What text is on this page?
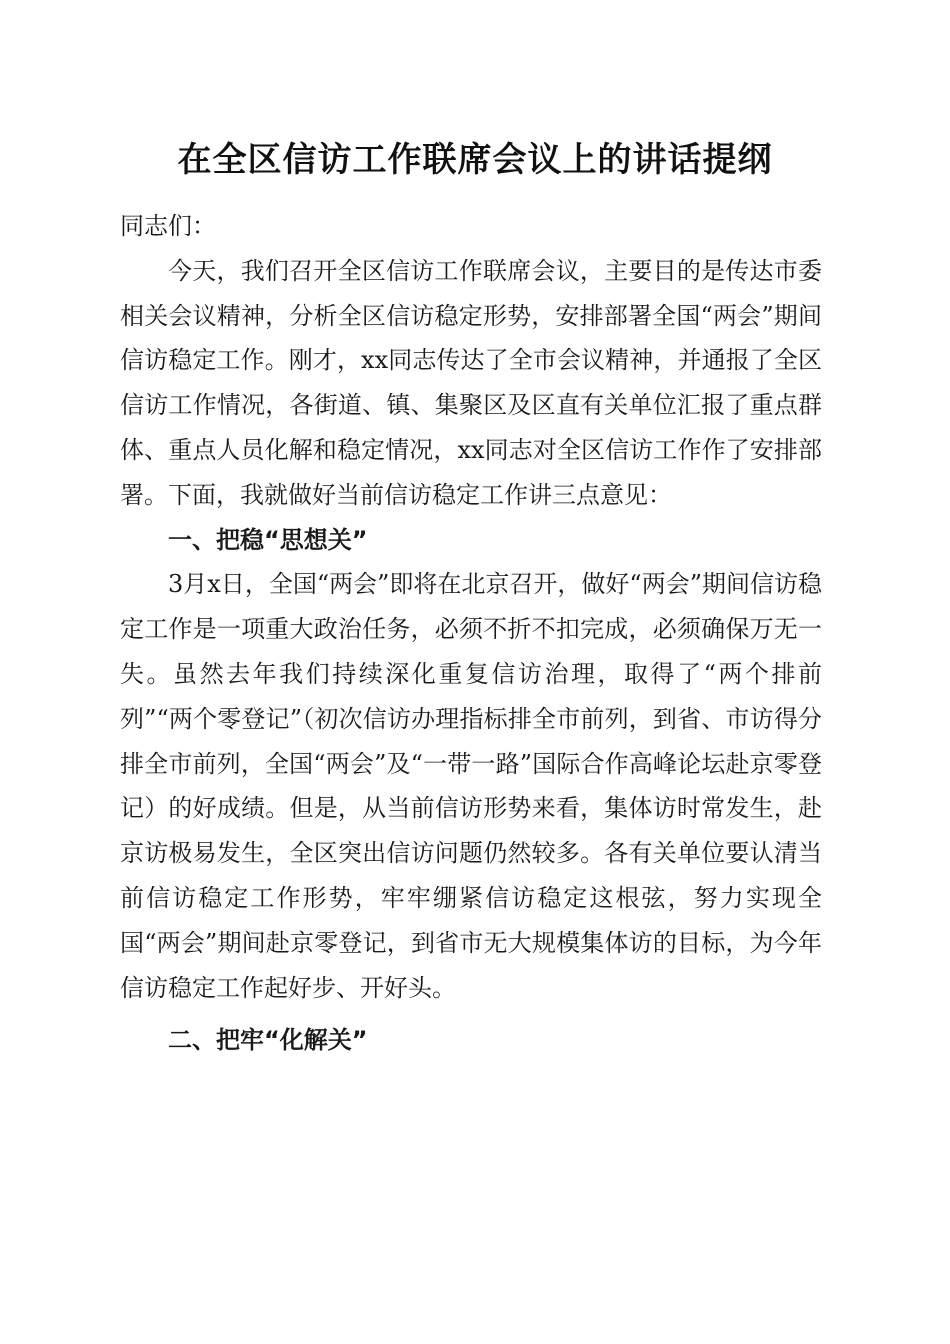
在全区信访工作联席会议上的讲话提纲

同志们：

今天，我们召开全区信访工作联席会议，主要目的是传达市委相关会议精神，分析全区信访稳定形势，安排部署全国“两会”期间信访稳定工作。刚才，xx同志传达了全市会议精神，并通报了全区信访工作情况，各街道、镇、集聚区及区直有关单位汇报了重点群体、重点人员化解和稳定情况，xx同志对全区信访工作作了安排部署。下面，我就做好当前信访稳定工作讲三点意见：

一、把稳“思想关”

3月x日，全国“两会”即将在北京召开，做好“两会”期间信访稳定工作是一项重大政治任务，必须不折不扣完成，必须确保万无一失。虽然去年我们持续深化重复信访治理，取得了“两个排前列”“两个零登记”（初次信访办理指标排全市前列，到省、市访得分排全市前列，全国“两会”及“一带一路”国际合作高峰论坛赴京零登记）的好成绩。但是，从当前信访形势来看，集体访时常发生，赴京访极易发生，全区突出信访问题仍然较多。各有关单位要认清当前信访稳定工作形势，牢牢绷紧信访稳定这根弦，努力实现全国“两会”期间赴京零登记，到省市无大规模集体访的目标，为今年信访稳定工作起好步、开好头。

二、把牢“化解关”
